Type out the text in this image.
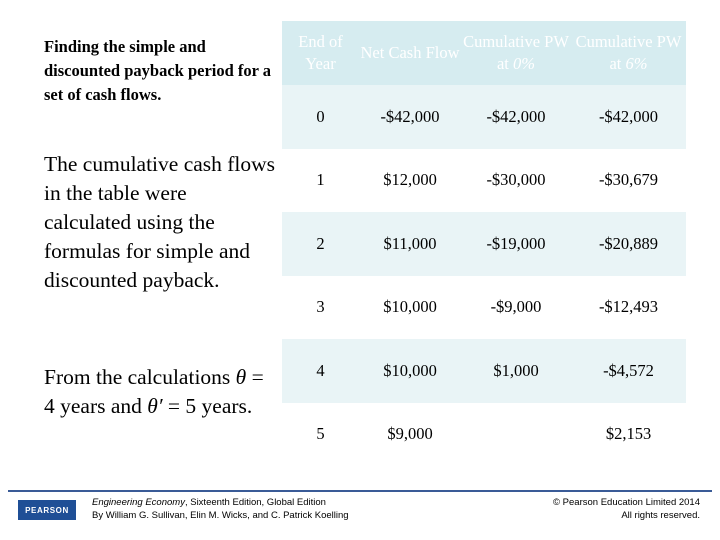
Finding the simple and discounted payback period for a set of cash flows.

The cumulative cash flows in the table were calculated using the formulas for simple and discounted payback.

From the calculations θ = 4 years and θ′ = 5 years.

End of Year	Net Cash Flow	Cumulative PW at 0%	Cumulative PW at 6%
0	-$42,000	-$42,000	-$42,000
1	$12,000	-$30,000	-$30,679
2	$11,000	-$19,000	-$20,889
3	$10,000	-$9,000	-$12,493
4	$10,000	$1,000	-$4,572
5	$9,000		$2,153
PEARSON
Engineering Economy, Sixteenth Edition, Global Edition
By William G. Sullivan, Elin M. Wicks, and C. Patrick Koelling
© Pearson Education Limited 2014
All rights reserved.
